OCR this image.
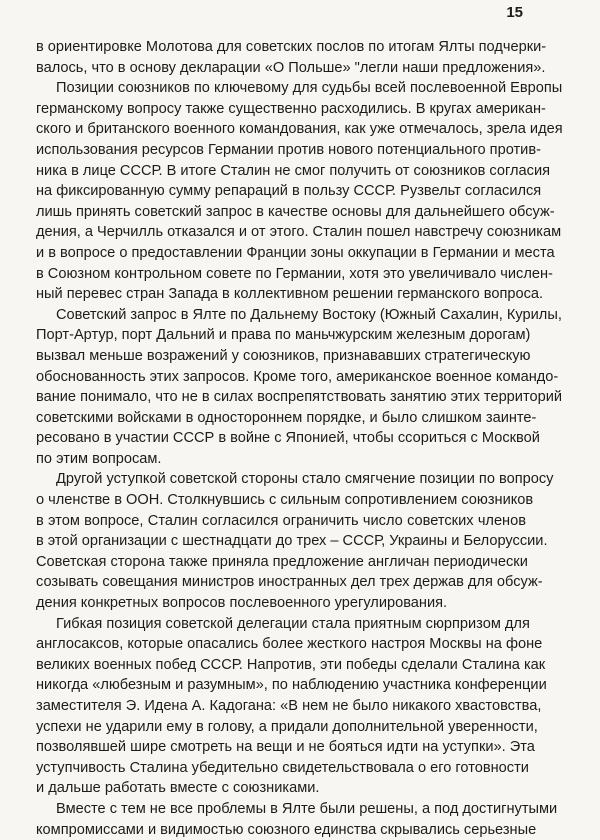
15
в ориентировке Молотова для советских послов по итогам Ялты подчерки-
валось, что в основу декларации «О Польше» "легли наши предложения».
Позиции союзников по ключевому для судьбы всей послевоенной Европы
германскому вопросу также существенно расходились. В кругах американ-
ского и британского военного командования, как уже отмечалось, зрела идея
использования ресурсов Германии против нового потенциального против-
ника в лице СССР. В итоге Сталин не смог получить от союзников согласия
на фиксированную сумму репараций в пользу СССР. Рузвельт согласился
лишь принять советский запрос в качестве основы для дальнейшего обсуж-
дения, а Черчилль отказался и от этого. Сталин пошел навстречу союзникам
и в вопросе о предоставлении Франции зоны оккупации в Германии и места
в Союзном контрольном совете по Германии, хотя это увеличивало числен-
ный перевес стран Запада в коллективном решении германского вопроса.
Советский запрос в Ялте по Дальнему Востоку (Южный Сахалин, Курилы,
Порт-Артур, порт Дальний и права по маньчжурским железным дорогам)
вызвал меньше возражений у союзников, признававших стратегическую
обоснованность этих запросов. Кроме того, американское военное командо-
вание понимало, что не в силах воспрепятствовать занятию этих территорий
советскими войсками в одностороннем порядке, и было слишком заинте-
ресовано в участии СССР в войне с Японией, чтобы ссориться с Москвой
по этим вопросам.
Другой уступкой советской стороны стало смягчение позиции по вопросу
о членстве в ООН. Столкнувшись с сильным сопротивлением союзников
в этом вопросе, Сталин согласился ограничить число советских членов
в этой организации с шестнадцати до трех – СССР, Украины и Белоруссии.
Советская сторона также приняла предложение англичан периодически
созывать совещания министров иностранных дел трех держав для обсуж-
дения конкретных вопросов послевоенного урегулирования.
Гибкая позиция советской делегации стала приятным сюрпризом для
англосаксов, которые опасались более жесткого настроя Москвы на фоне
великих военных побед СССР. Напротив, эти победы сделали Сталина как
никогда «любезным и разумным», по наблюдению участника конференции
заместителя Э. Идена А. Кадогана: «В нем не было никакого хвастовства,
успехи не ударили ему в голову, а придали дополнительной уверенности,
позволявшей шире смотреть на вещи и не бояться идти на уступки». Эта
уступчивость Сталина убедительно свидетельствовала о его готовности
и дальше работать вместе с союзниками.
Вместе с тем не все проблемы в Ялте были решены, а под достигнутыми
компромиссами и видимостью союзного единства скрывались серьезные
